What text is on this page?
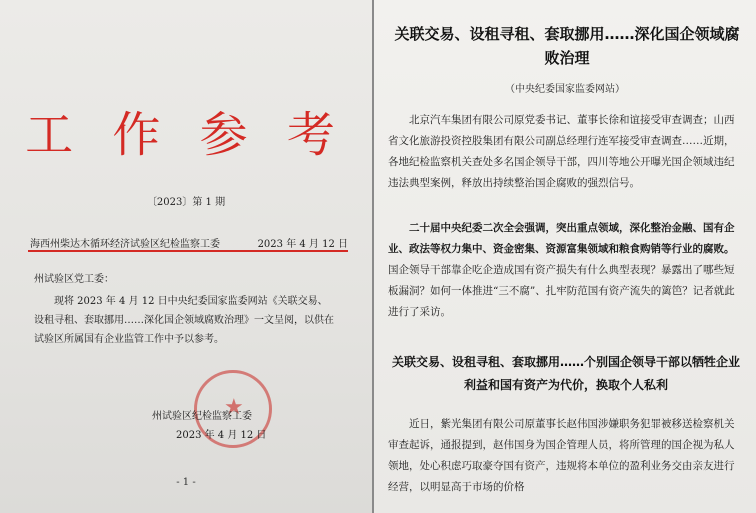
工 作 参 考
〔2023〕第 1 期
海西州柴达木循环经济试验区纪检监察工委	2023 年 4 月 12 日
州试验区党工委：
现将 2023 年 4 月 12 日中央纪委国家监委网站《关联交易、设租寻租、套取挪用……深化国企领域腐败治理》一文呈阅，以供在试验区所属国有企业监管工作中予以参考。
★
州试验区纪检监察工委
2023 年 4 月 12 日
- 1 -
关联交易、设租寻租、套取挪用……深化国企领域腐败治理
（中央纪委国家监委网站）
北京汽车集团有限公司原党委书记、董事长徐和谊接受审查调查；山西省文化旅游投资控股集团有限公司副总经理行连军接受审查调查……近期，各地纪检监察机关查处多名国企领导干部，四川等地公开曝光国企领域违纪违法典型案例，释放出持续整治国企腐败的强烈信号。
二十届中央纪委二次全会强调，突出重点领域，深化整治金融、国有企业、政法等权力集中、资金密集、资源富集领域和粮食购销等行业的腐败。国企领导干部靠企吃企造成国有资产损失有什么典型表现？暴露出了哪些短板漏洞？如何一体推进“三不腐”、扎牢防范国有资产流失的篱笆？记者就此进行了采访。
关联交易、设租寻租、套取挪用……个别国企领导干部以牺牲企业利益和国有资产为代价，换取个人私利
近日，紫光集团有限公司原董事长赵伟国涉嫌职务犯罪被移送检察机关审查起诉，通报提到，赵伟国身为国企管理人员，将所管理的国企视为私人领地，处心积虑巧取豪夺国有资产，违规将本单位的盈利业务交由亲友进行经营，以明显高于市场的价格
